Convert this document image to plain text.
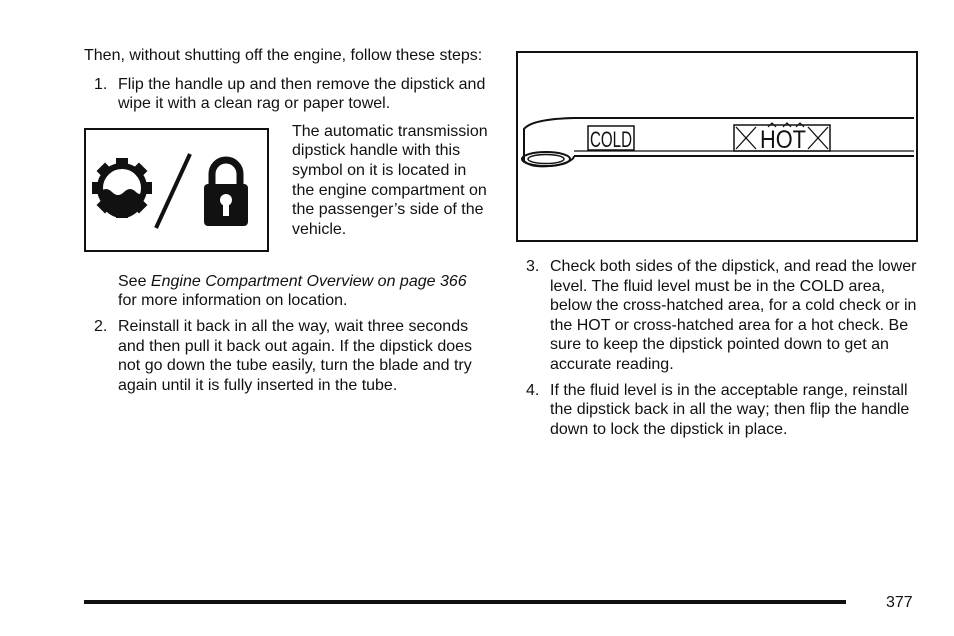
Then, without shutting off the engine, follow these steps:

1. Flip the handle up and then remove the dipstick and wipe it with a clean rag or paper towel.

The automatic transmission dipstick handle with this symbol on it is located in the engine compartment on the passenger’s side of the vehicle.

See Engine Compartment Overview on page 366 for more information on location.

2. Reinstall it back in all the way, wait three seconds and then pull it back out again. If the dipstick does not go down the tube easily, turn the blade and try again until it is fully inserted in the tube.

COLD	HOT
3. Check both sides of the dipstick, and read the lower level. The fluid level must be in the COLD area, below the cross-hatched area, for a cold check or in the HOT or cross-hatched area for a hot check. Be sure to keep the dipstick pointed down to get an accurate reading.

4. If the fluid level is in the acceptable range, reinstall the dipstick back in all the way; then flip the handle down to lock the dipstick in place.

377
